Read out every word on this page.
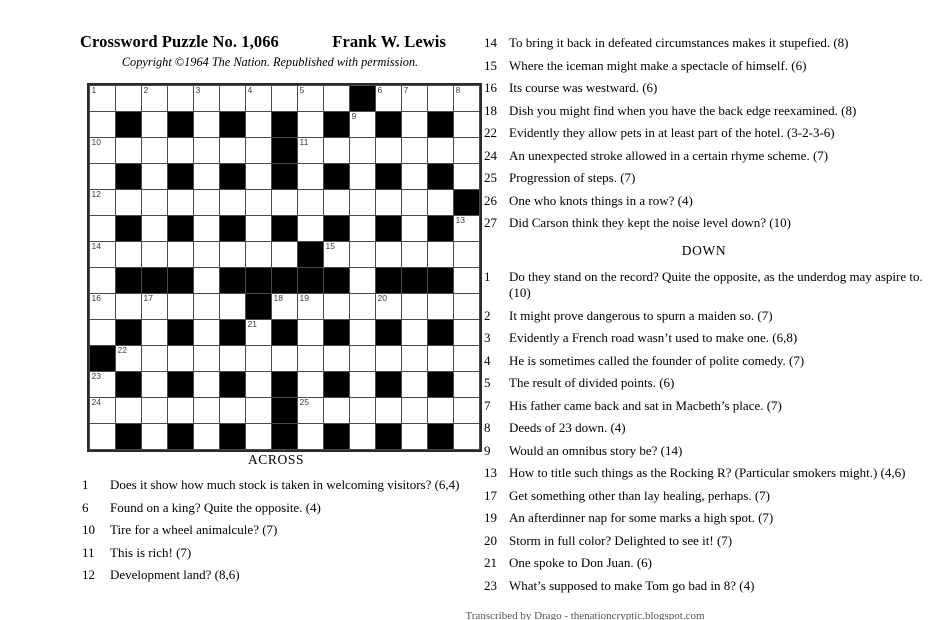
Crossword Puzzle No. 1,066	Frank W. Lewis
Copyright ©1964 The Nation. Republished with permission.
1	2	3	4	5	6	7	8
9
10	11
12
13
14	15
16	17	18 19	20
21
22
23
24	25
ACROSS
1	Does it show how much stock is taken in welcoming visitors? (6,4)
6	Found on a king? Quite the opposite. (4)
10	Tire for a wheel animalcule? (7)
11	This is rich! (7)
12	Development land? (8,6)
14 To bring it back in defeated circumstances makes it stupefied. (8)
15 Where the iceman might make a spectacle of himself. (6)
16 Its course was westward. (6)
18 Dish you might find when you have the back edge reexamined. (8)
22 Evidently they allow pets in at least part of the hotel. (3-2-3-6)
24 An unexpected stroke allowed in a certain rhyme scheme. (7)
25 Progression of steps. (7)
26 One who knots things in a row? (4)
27 Did Carson think they kept the noise level down? (10)
DOWN
1	Do they stand on the record? Quite the opposite, as the underdog may aspire to. (10)
2	It might prove dangerous to spurn a maiden so. (7)
3	Evidently a French road wasn’t used to make one. (6,8)
4	He is sometimes called the founder of polite comedy. (7)
5	The result of divided points. (6)
7	His father came back and sat in Macbeth’s place. (7)
8	Deeds of 23 down. (4)
9	Would an omnibus story be? (14)
13 How to title such things as the Rocking R? (Particular smokers might.) (4,6)
17 Get something other than lay healing, perhaps. (7)
19 An afterdinner nap for some marks a high spot. (7)
20 Storm in full color? Delighted to see it! (7)
21 One spoke to Don Juan. (6)
23 What’s supposed to make Tom go bad in 8? (4)
Transcribed by Drago - thenationcryptic.blogspot.com
